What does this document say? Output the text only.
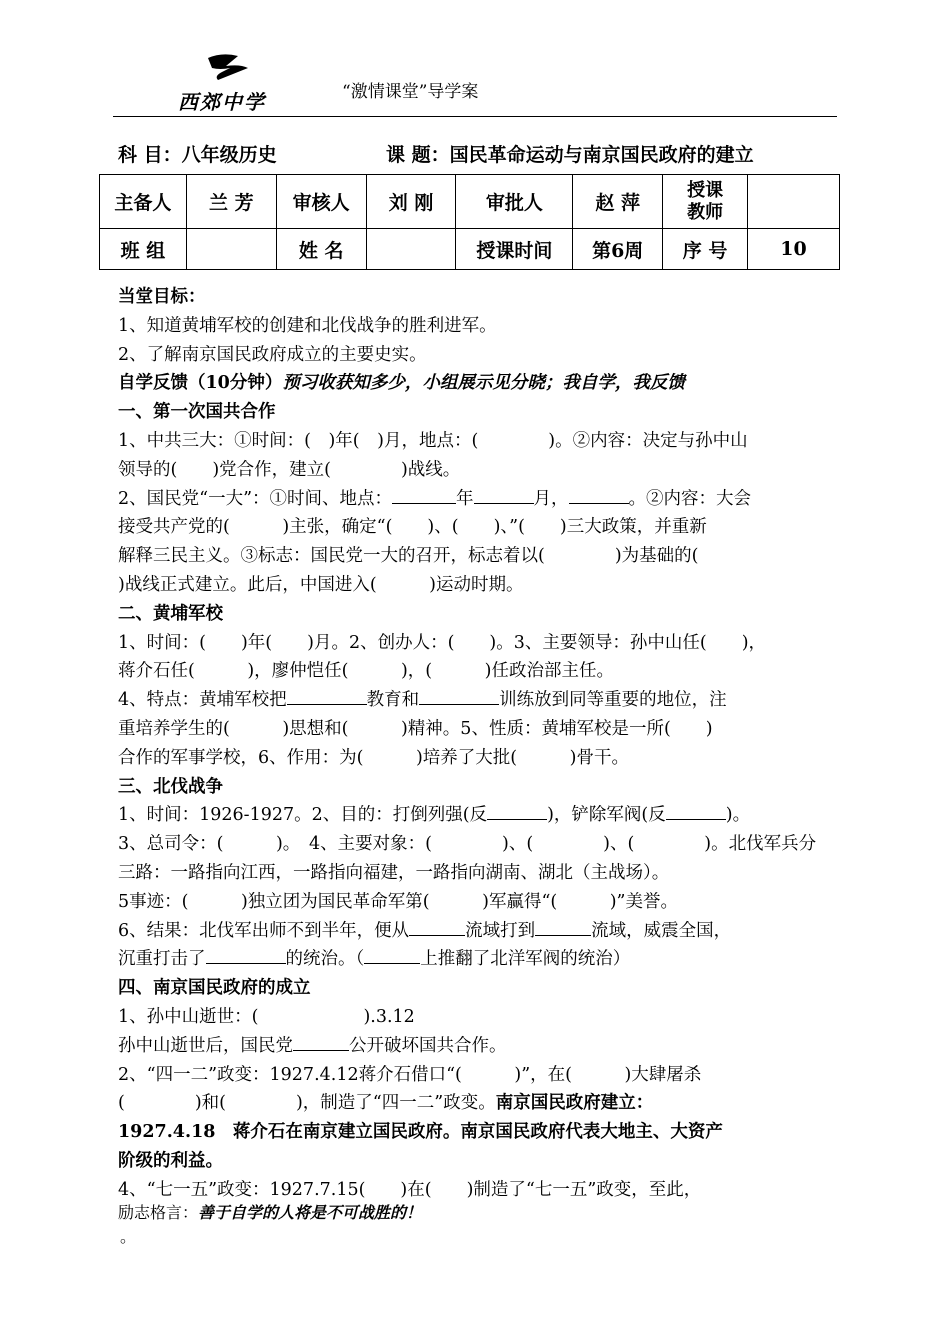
西郊中学	“激情课堂”导学案
科 目：八年级历史	课 题：国民革命运动与南京国民政府的建立
主备人	兰 芳	审核人	刘 刚	审批人	赵 萍	授课教师	

班 组		姓 名		授课时间	第6周	序 号	10
当堂目标：
1、知道黄埔军校的创建和北伐战争的胜利进军。
2、了解南京国民政府成立的主要史实。
自学反馈（10分钟）预习收获知多少，小组展示见分晓；我自学，我反馈
一、第一次国共合作
1、中共三大：①时间：(　)年(　)月，地点：(　　　　)。②内容：决定与孙中山
领导的(　　)党合作，建立(　　　　)战线。
2、国民党“一大”：①时间、地点：	年	月，	。②内容：大会
接受共产党的(　　　)主张，确定“(　　)、(　　)、”(　　)三大政策，并重新
解释三民主义。③标志：国民党一大的召开，标志着以(　　　　)为基础的(
)战线正式建立。此后，中国进入(　　　)运动时期。
二、黄埔军校
1、时间：(　　)年(　　)月。2、创办人：(　　)。3、主要领导：孙中山任(　　)，
蒋介石任(　　　)，廖仲恺任(　　　)，(　　　)任政治部主任。
4、特点：黄埔军校把	教育和	训练放到同等重要的地位，注
重培养学生的(　　　)思想和(　　　)精神。5、性质：黄埔军校是一所(　　)
合作的军事学校，6、作用：为(　　　)培养了大批(　　　)骨干。
三、北伐战争
1、时间：1926-1927。2、目的：打倒列强(反	)，铲除军阀(反	)。
3、总司令：(　　　)。　4、主要对象：(　　　　)、(　　　　)、(　　　　)。北伐军兵分
三路：一路指向江西，一路指向福建，一路指向湖南、湖北（主战场）。
5事迹：(　　　)独立团为国民革命军第(　　　)军赢得“(　　　)”美誉。
6、结果：北伐军出师不到半年，便从	流域打到	流域，威震全国，
沉重打击了	的统治。（	上推翻了北洋军阀的统治）
四、南京国民政府的成立
1、孙中山逝世：(　　　　　　).3.12
孙中山逝世后，国民党	公开破坏国共合作。
2、“四一二”政变：1927.4.12蒋介石借口“(　　　)”，在(　　　)大肆屠杀
(　　　　)和(　　　　)，制造了“四一二”政变。南京国民政府建立：
1927.4.18　蒋介石在南京建立国民政府。南京国民政府代表大地主、大资产
阶级的利益。
4、“七一五”政变：1927.7.15(　　)在(　　)制造了“七一五”政变，至此，
励志格言：善于自学的人将是不可战胜的！
。
